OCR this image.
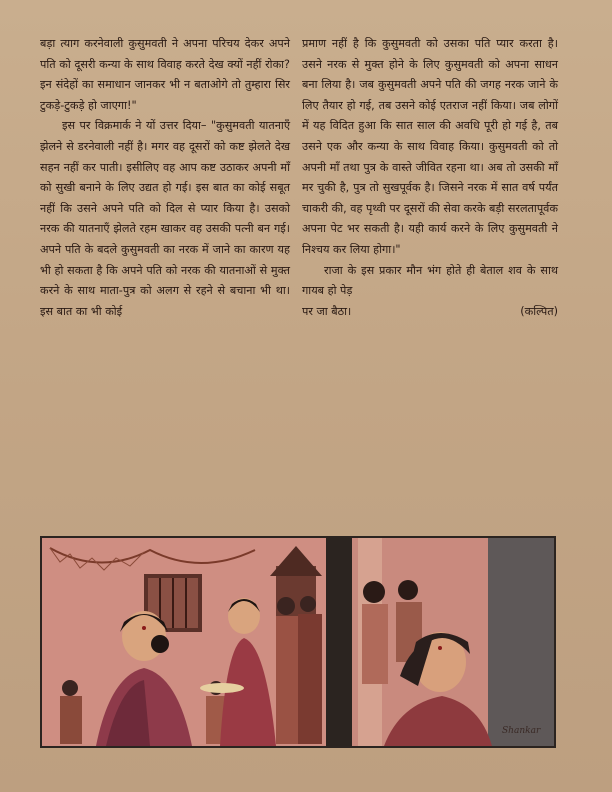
बड़ा त्याग करनेवाली कुसुमवती ने अपना परिचय देकर अपने पति को दूसरी कन्या के साथ विवाह करते देख क्यों नहीं रोका? इन संदेहों का समाधान जानकर भी न बताओगे तो तुम्हारा सिर टुकड़े-टुकड़े हो जाएगा!"

इस पर विक्रमार्क ने यों उत्तर दिया– "कुसुमवती यातनाएँ झेलने से डरनेवाली नहीं है। मगर वह दूसरों को कष्ट झेलते देख सहन नहीं कर पाती। इसीलिए वह आप कष्ट उठाकर अपनी माँ को सुखी बनाने के लिए उद्यत हो गई। इस बात का कोई सबूत नहीं कि उसने अपने पति को दिल से प्यार किया है। उसको नरक की यातनाएँ झेलते रहम खाकर वह उसकी पत्नी बन गई। अपने पति के बदले कुसुमवती का नरक में जाने का कारण यह भी हो सकता है कि अपने पति को नरक की यातनाओं से मुक्त करने के साथ माता-पुत्र को अलग से रहने से बचाना भी था। इस बात का भी कोई

प्रमाण नहीं है कि कुसुमवती को उसका पति प्यार करता है। उसने नरक से मुक्त होने के लिए कुसुमवती को अपना साधन बना लिया है। जब कुसुमवती अपने पति की जगह नरक जाने के लिए तैयार हो गई, तब उसने कोई एतराज नहीं किया। जब लोगों में यह विदित हुआ कि सात साल की अवधि पूरी हो गई है, तब उसने एक और कन्या के साथ विवाह किया। कुसुमवती को तो अपनी माँ तथा पुत्र के वास्ते जीवित रहना था। अब तो उसकी माँ मर चुकी है, पुत्र तो सुखपूर्वक है। जिसने नरक में सात वर्ष पर्यंत चाकरी की, वह पृथ्वी पर दूसरों की सेवा करके बड़ी सरलतापूर्वक अपना पेट भर सकती है। यही कार्य करने के लिए कुसुमवती ने निश्चय कर लिया होगा।"

राजा के इस प्रकार मौन भंग होते ही बेताल शव के साथ गायब हो पेड़

पर जा बैठा।	(कल्पित)
Shankar
